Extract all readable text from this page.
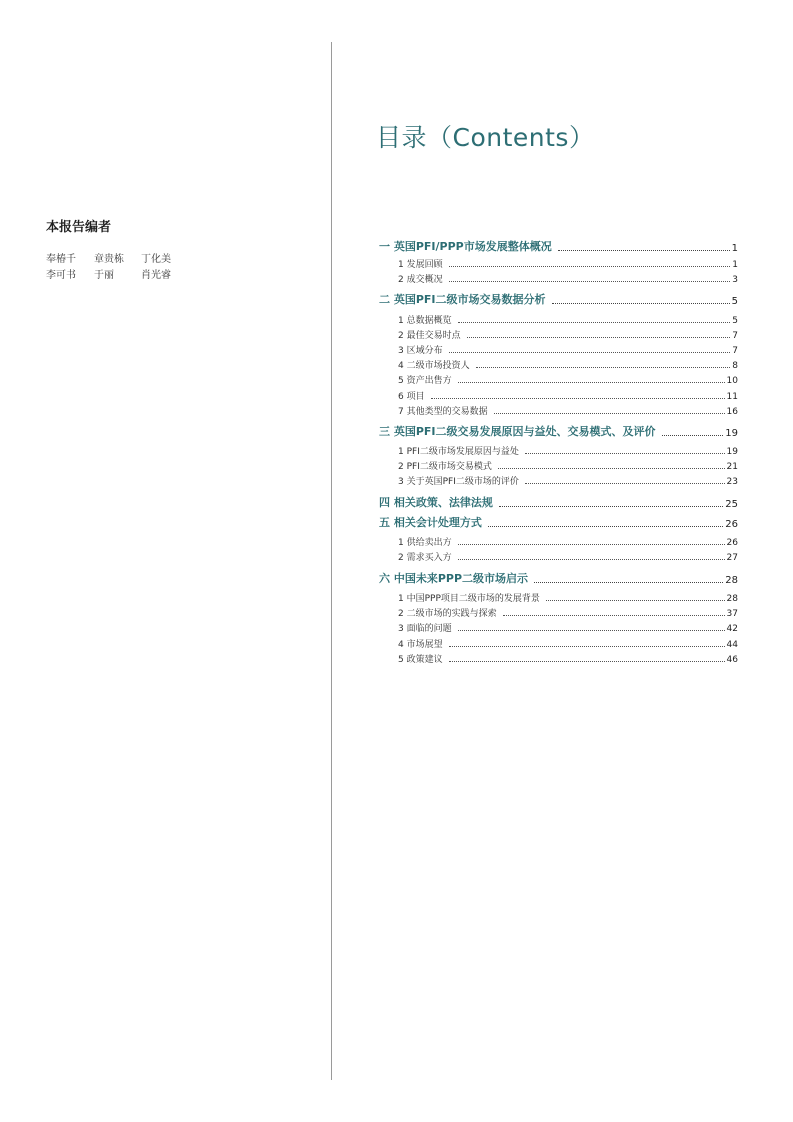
本报告编者
奉椿千 章贵栋 丁化美
李可书 于丽	肖光睿
目录（Contents）
一 英国PFI/PPP市场发展整体概况	1
1 发展回顾	1
2 成交概况	3
二 英国PFI二级市场交易数据分析	5
1 总数据概览	5
2 最佳交易时点	7
3 区域分布	7
4 二级市场投资人	8
5 资产出售方	10
6 项目	11
7 其他类型的交易数据	16
三 英国PFI二级交易发展原因与益处、交易模式、及评价	19
1 PFI二级市场发展原因与益处	19
2 PFI二级市场交易模式	21
3 关于英国PFI二级市场的评价	23
四 相关政策、法律法规	25
五 相关会计处理方式	26
1 供给卖出方	26
2 需求买入方	27
六 中国未来PPP二级市场启示	28
1 中国PPP项目二级市场的发展背景	28
2 二级市场的实践与探索	37
3 面临的问题	42
4 市场展望	44
5 政策建议	46
